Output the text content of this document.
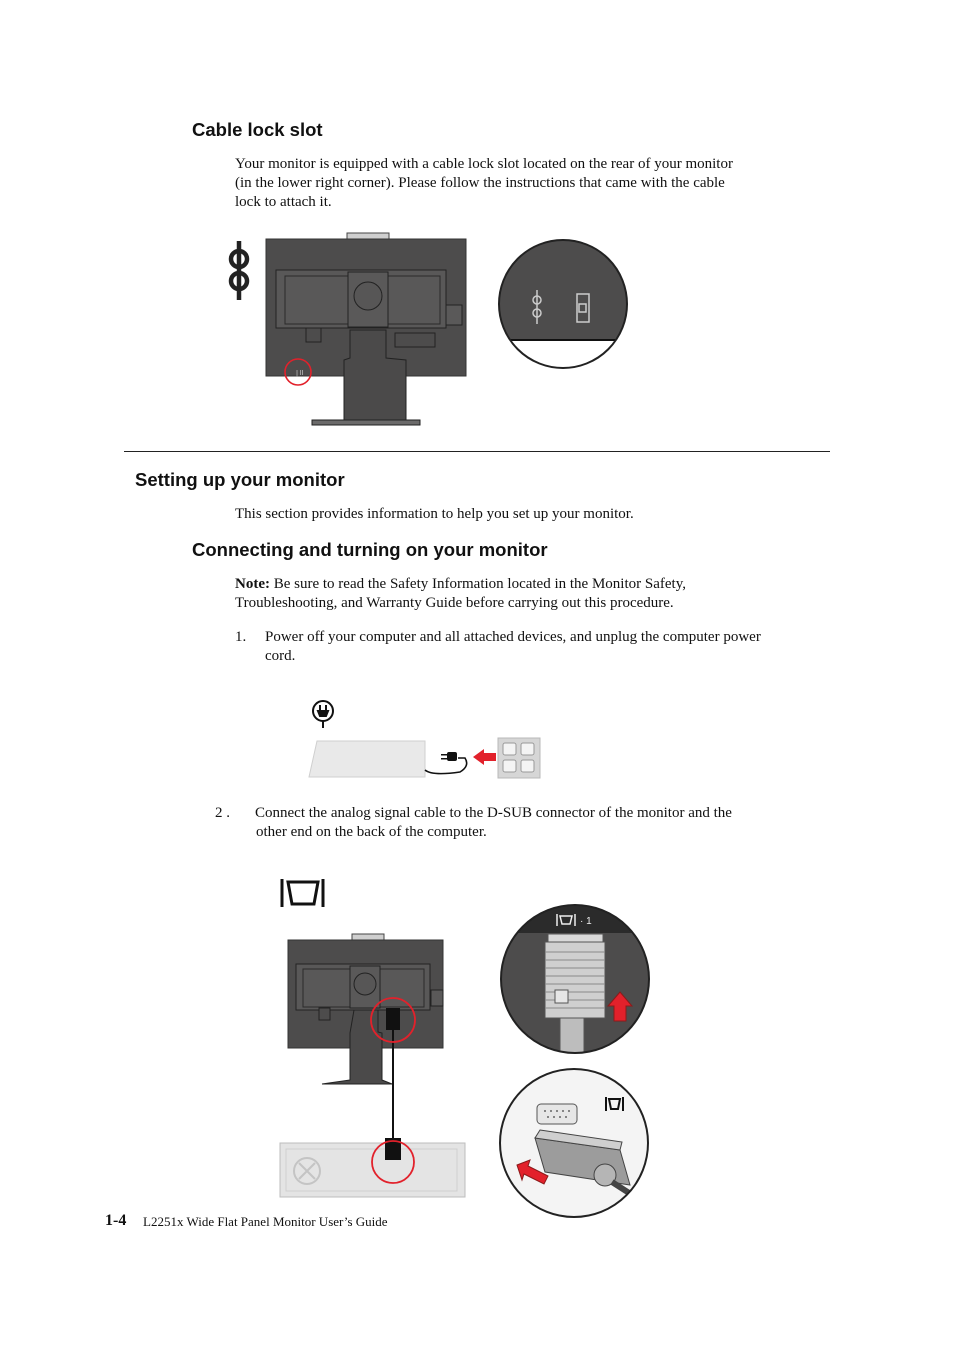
Cable lock slot
Your monitor is equipped with a cable lock slot located on the rear of your monitor
(in the lower right corner). Please follow the instructions that came with the cable
lock to attach it.
| ll
Setting up your monitor
This section provides information to help you set up your monitor.
Connecting and turning on your monitor
Note: Be sure to read the Safety Information located in the Monitor Safety,
Troubleshooting, and Warranty Guide before carrying out this procedure.
1. Power off your computer and all attached devices, and unplug the computer power
cord.
2 . Connect the analog signal cable to the D-SUB connector of the monitor and the
other end on the back of the computer.
· 1
1-4 L2251x Wide Flat Panel Monitor User’s Guide
